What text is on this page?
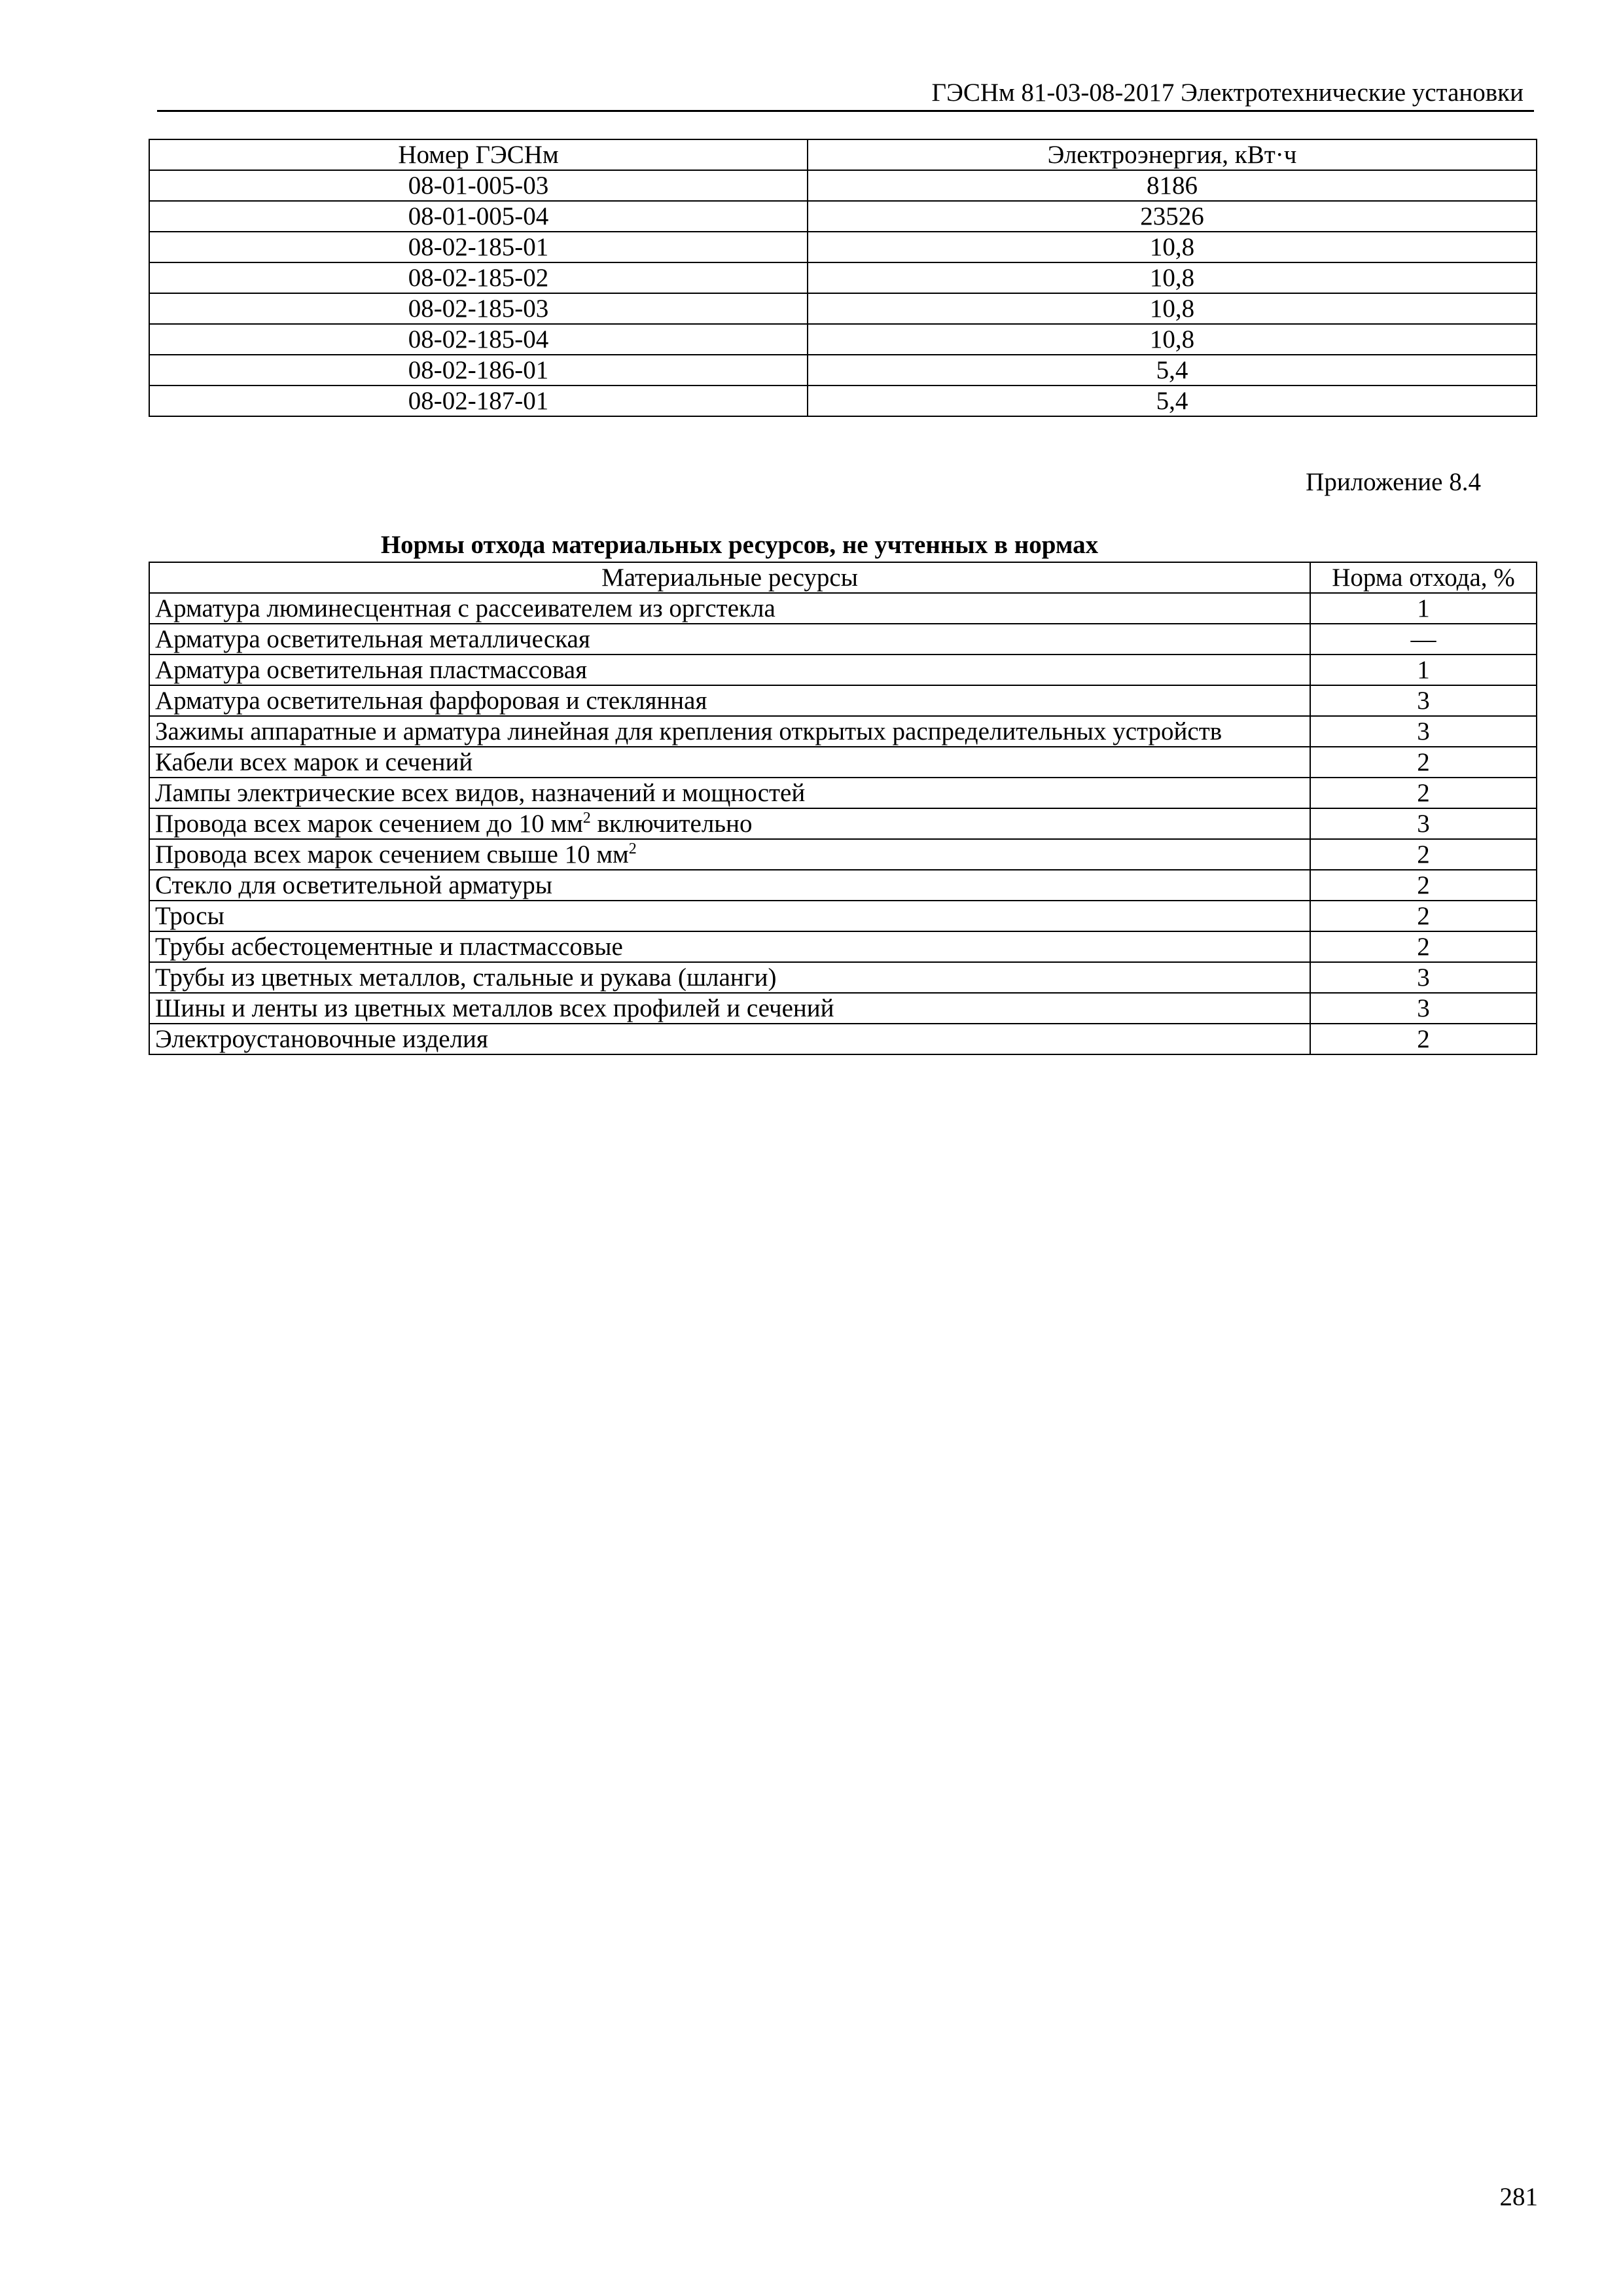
ГЭСНм 81-03-08-2017 Электротехнические установки
Номер ГЭСНм	Электроэнергия, кВт·ч
08-01-005-03	8186
08-01-005-04	23526
08-02-185-01	10,8
08-02-185-02	10,8
08-02-185-03	10,8
08-02-185-04	10,8
08-02-186-01	5,4
08-02-187-01	5,4
Приложение 8.4
Нормы отхода материальных ресурсов, не учтенных в нормах
Материальные ресурсы	Норма отхода, %
Арматура люминесцентная с рассеивателем из оргстекла	1
Арматура осветительная металлическая	—
Арматура осветительная пластмассовая	1
Арматура осветительная фарфоровая и стеклянная	3
Зажимы аппаратные и арматура линейная для крепления открытых распределительных устройств	3
Кабели всех марок и сечений	2
Лампы электрические всех видов, назначений и мощностей	2
Провода всех марок сечением до 10 $мм^2$ включительно	3
Провода всех марок сечением свыше 10 $мм^2$	2
Стекло для осветительной арматуры	2
Тросы	2
Трубы асбестоцементные и пластмассовые	2
Трубы из цветных металлов, стальные и рукава (шланги)	3
Шины и ленты из цветных металлов всех профилей и сечений	3
Электроустановочные изделия	2
281
